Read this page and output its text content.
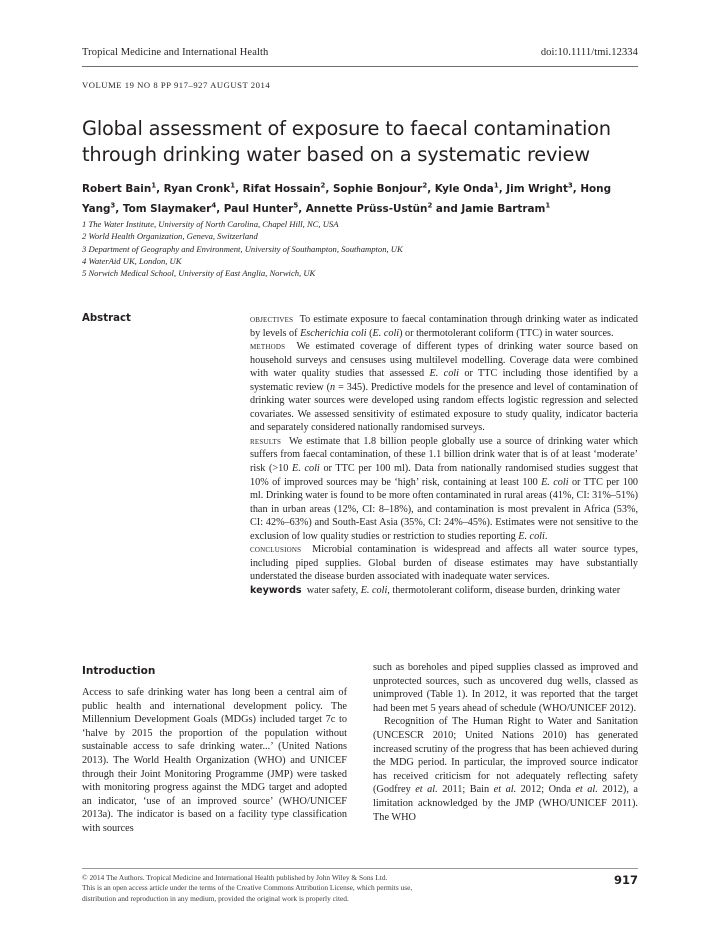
Tropical Medicine and International Health	doi:10.1111/tmi.12334
VOLUME 19 NO 8 PP 917–927 AUGUST 2014
Global assessment of exposure to faecal contamination through drinking water based on a systematic review
Robert Bain$^1$, Ryan Cronk$^1$, Rifat Hossain$^2$, Sophie Bonjour$^2$, Kyle Onda$^1$, Jim Wright$^3$, Hong Yang$^3$, Tom Slaymaker$^4$, Paul Hunter$^5$, Annette Prüss-Ustün$^2$ and Jamie Bartram$^1$
1 The Water Institute, University of North Carolina, Chapel Hill, NC, USA
2 World Health Organization, Geneva, Switzerland
3 Department of Geography and Environment, University of Southampton, Southampton, UK
4 WaterAid UK, London, UK
5 Norwich Medical School, University of East Anglia, Norwich, UK
Abstract	objectives  To estimate exposure to faecal contamination through drinking water as indicated by levels of Escherichia coli (E. coli) or thermotolerant coliform (TTC) in water sources.

methods  We estimated coverage of different types of drinking water source based on household surveys and censuses using multilevel modelling. Coverage data were combined with water quality studies that assessed E. coli or TTC including those identified by a systematic review (n = 345). Predictive models for the presence and level of contamination of drinking water sources were developed using random effects logistic regression and selected covariates. We assessed sensitivity of estimated exposure to study quality, indicator bacteria and separately considered nationally randomised surveys.

results  We estimate that 1.8 billion people globally use a source of drinking water which suffers from faecal contamination, of these 1.1 billion drink water that is of at least ‘moderate’ risk (>10 E. coli or TTC per 100 ml). Data from nationally randomised studies suggest that 10% of improved sources may be ‘high’ risk, containing at least 100 E. coli or TTC per 100 ml. Drinking water is found to be more often contaminated in rural areas (41%, CI: 31%–51%) than in urban areas (12%, CI: 8–18%), and contamination is most prevalent in Africa (53%, CI: 42%–63%) and South-East Asia (35%, CI: 24%–45%). Estimates were not sensitive to the exclusion of low quality studies or restriction to studies reporting E. coli.

conclusions  Microbial contamination is widespread and affects all water source types, including piped supplies. Global burden of disease estimates may have substantially understated the disease burden associated with inadequate water services.

keywords  water safety, E. coli, thermotolerant coliform, disease burden, drinking water

Introduction

Access to safe drinking water has long been a central aim of public health and international development policy. The Millennium Development Goals (MDGs) included target 7c to ‘halve by 2015 the proportion of the population without sustainable access to safe drinking water...’ (United Nations 2013). The World Health Organization (WHO) and UNICEF through their Joint Monitoring Programme (JMP) were tasked with monitoring progress against the MDG target and adopted an indicator, ‘use of an improved source’ (WHO/UNICEF 2013a). The indicator is based on a facility type classification with sources

such as boreholes and piped supplies classed as improved and unprotected sources, such as uncovered dug wells, classed as unimproved (Table 1). In 2012, it was reported that the target had been met 5 years ahead of schedule (WHO/UNICEF 2012).

Recognition of The Human Right to Water and Sanitation (UNCESCR 2010; United Nations 2010) has generated increased scrutiny of the progress that has been achieved during the MDG period. In particular, the improved source indicator has received criticism for not adequately reflecting safety (Godfrey et al. 2011; Bain et al. 2012; Onda et al. 2012), a limitation acknowledged by the JMP (WHO/UNICEF 2011). The WHO

© 2014 The Authors. Tropical Medicine and International Health published by John Wiley & Sons Ltd.
This is an open access article under the terms of the Creative Commons Attribution License, which permits use,
distribution and reproduction in any medium, provided the original work is properly cited.
917
